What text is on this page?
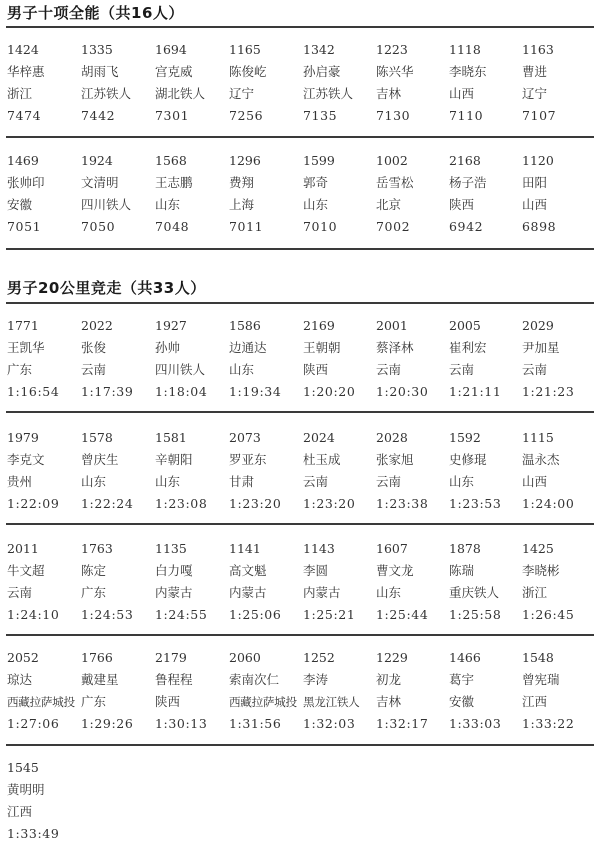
男子十项全能（共16人）
1424
华梓惠
浙江
7474
1335
胡雨飞
江苏铁人
7442
1694
宫克威
湖北铁人
7301
1165
陈俊屹
辽宁
7256
1342
孙启豪
江苏铁人
7135
1223
陈兴华
吉林
7130
1118
李晓东
山西
7110
1163
曹进
辽宁
7107
1469
张帅印
安徽
7051
1924
文清明
四川铁人
7050
1568
王志鹏
山东
7048
1296
费翔
上海
7011
1599
郭奇
山东
7010
1002
岳雪松
北京
7002
2168
杨子浩
陕西
6942
1120
田阳
山西
6898
男子20公里竞走（共33人）
1771
王凯华
广东
1:16:54
2022
张俊
云南
1:17:39
1927
孙帅
四川铁人
1:18:04
1586
边通达
山东
1:19:34
2169
王朝朝
陕西
1:20:20
2001
蔡泽林
云南
1:20:30
2005
崔利宏
云南
1:21:11
2029
尹加星
云南
1:21:23
1979
李克文
贵州
1:22:09
1578
曾庆生
山东
1:22:24
1581
辛朝阳
山东
1:23:08
2073
罗亚东
甘肃
1:23:20
2024
杜玉成
云南
1:23:20
2028
张家旭
云南
1:23:38
1592
史修琨
山东
1:23:53
1115
温永杰
山西
1:24:00
2011
牛文超
云南
1:24:10
1763
陈定
广东
1:24:53
1135
白力嘎
内蒙古
1:24:55
1141
高文魁
内蒙古
1:25:06
1143
李圆
内蒙古
1:25:21
1607
曹文龙
山东
1:25:44
1878
陈瑞
重庆铁人
1:25:58
1425
李晓彬
浙江
1:26:45
2052
琼达
西藏拉萨城投
1:27:06
1766
戴建星
广东
1:29:26
2179
鲁程程
陕西
1:30:13
2060
索南次仁
西藏拉萨城投
1:31:56
1252
李涛
黑龙江铁人
1:32:03
1229
初龙
吉林
1:32:17
1466
葛宇
安徽
1:33:03
1548
曾宪瑞
江西
1:33:22
1545
黄明明
江西
1:33:49
